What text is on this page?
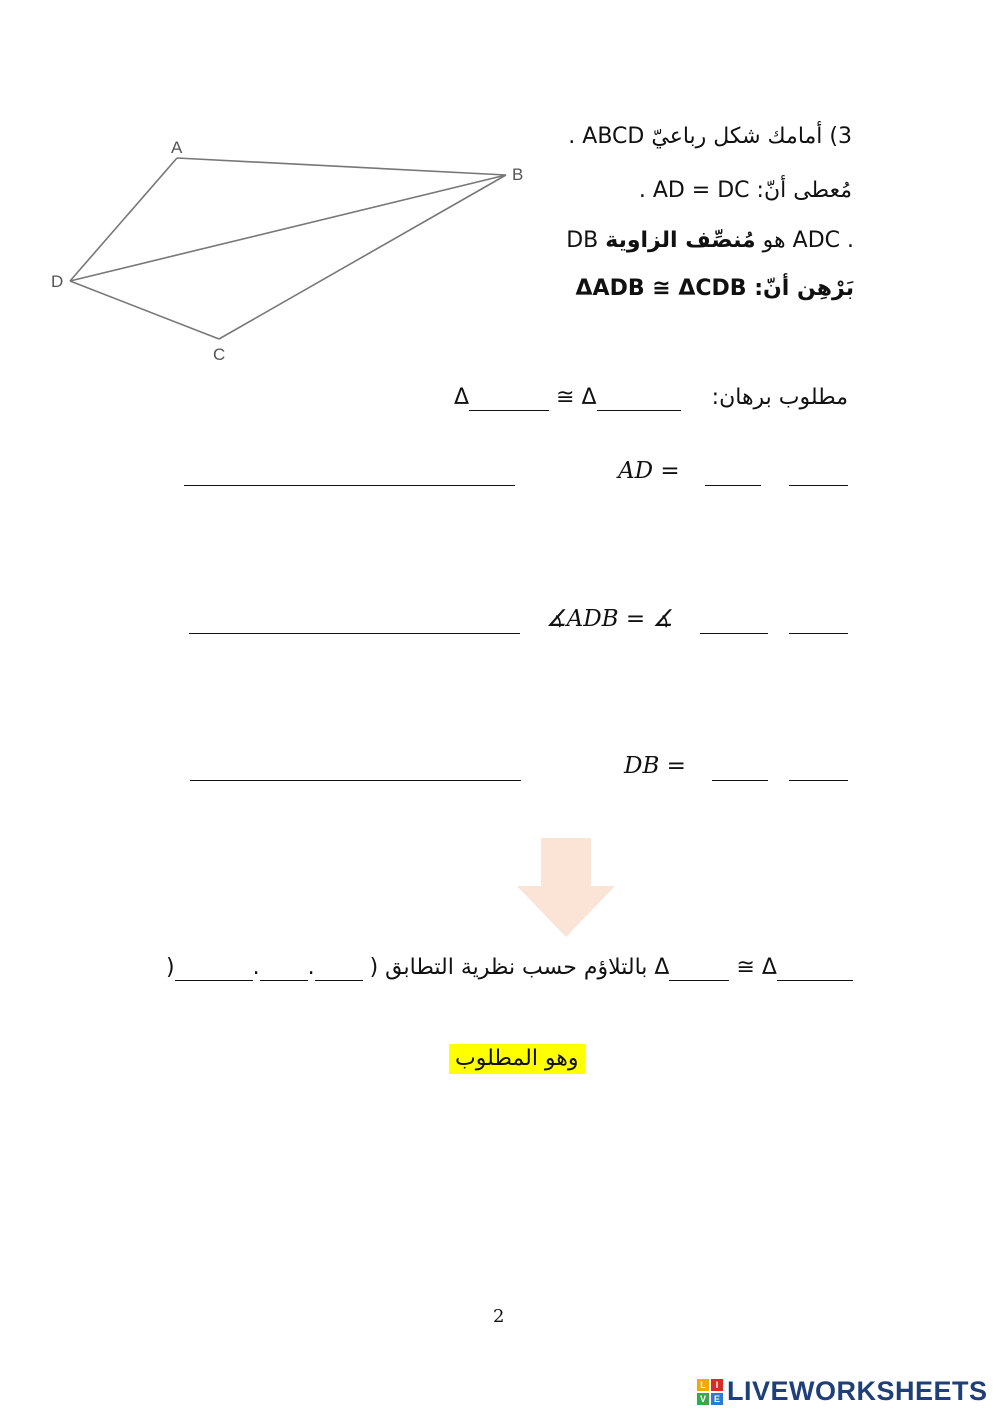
A
B
C
D
3) أمامك شكل رباعيّ ABCD .
مُعطى أنّ: AD = DC .
DB هو مُنصِّف الزاوية ADC .
بَرْهِن أنّ: ΔADB ≅ ΔCDB
مطلوب برهان:
Δ	≅ Δ
AD =
∡ADB = ∡
DB =
)	. .	بالتلاؤم حسب نظرية التطابق ( Δ	≅ Δ
وهو المطلوب
2
L	I
V E LIVEWORKSHEETS
